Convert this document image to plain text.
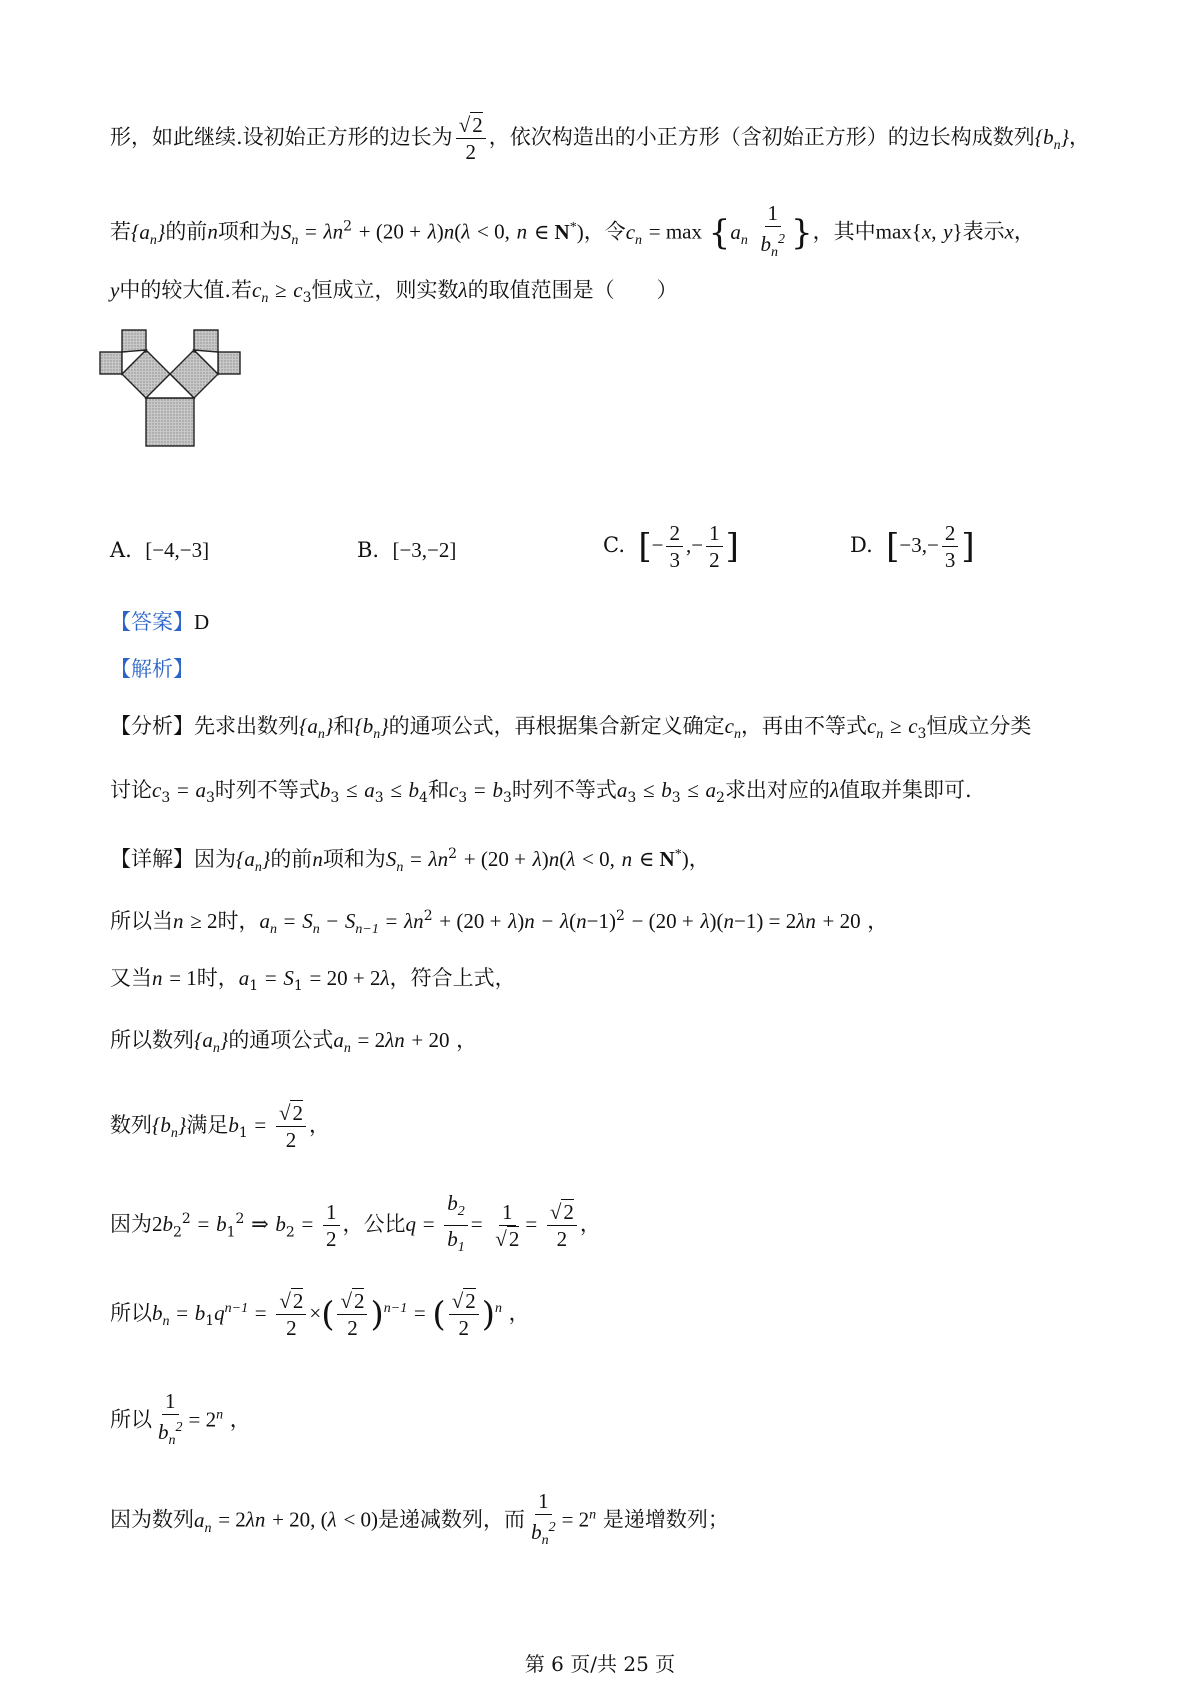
形，如此继续.设初始正方形的边长为 $\frac{√2}{2}$ ，依次构造出的小正方形（含初始正方形）的边长构成数列$\{b_n\}$，
若$\{a_n\}$的前n项和为$S_n = \lambda n^2 + (20 + \lambda)n(\lambda < 0$, n ∈ N*)，令$c_n = \max \{a_n \frac{1}{b_n^2}$ }，其中max{x, y}表示x，
y中的较大值.若$c_n \ge c_3$恒成立，则实数λ的取值范围是（　　）
A. [−4,−3]	B. [−3,−2]	C. [− $\frac{2}{3}$ ,− $\frac{1}{2}$ ]	D. [$-3,- \frac{2}{3}$ ]
【答案】D
【解析】
【分析】先求出数列$\{a_n\}$和$\{b_n\}$的通项公式，再根据集合新定义确定$c_n$，再由不等式$c_n \ge c_3$恒成立分类
讨论$c_3 = a_3$时列不等式$b_3 \le a_3 \le b_4$和$c_3 = b_3$时列不等式$a_3 \le b_3 \le a_2$求出对应的λ值取并集即可.
【详解】因为$\{a_n\}$的前n项和为$S_n = \lambda n^2 + (20 + \lambda)n(\lambda < 0$, n ∈ N*)，
所以当n ≥ 2时，$a_n = S_n - S_{n-1} = \lambda n^2 + (20 + \lambda)n - \lambda(n-1)^2 - (20 + \lambda)(n-1) = 2\lambda n + 20$ ，
又当n = 1时，$a_1 = S_1 = 20 + 2\lambda$，符合上式，
所以数列$\{a_n\}$的通项公式$a_n = 2\lambda n + 20$ ，
数列$\{b_n\}$满足$b_1 = \frac{√2}{2}$ ，
因为$2b_2^2 = b_1^2$ ⇒ $b_2 = \frac{1}{2}$ ，公比$q = \frac{b_2}{b_1} = \frac{1}{√2} = \frac{√2}{2}$ ，
所以$b_n = b_1q^{n-1} = \frac{√2}{2}$ ×( $\frac{√2}{2} )^{n-1}$ = ( $\frac{√2}{2} )^n$ ，
所以 $\frac{1}{b_n^2} = 2^n$ ，
因为数列$a_n = 2\lambda n + 20$, (λ < 0)是递减数列，而 $\frac{1}{b_n^2} = 2^n$ 是递增数列；
第 6 页/共 25 页
